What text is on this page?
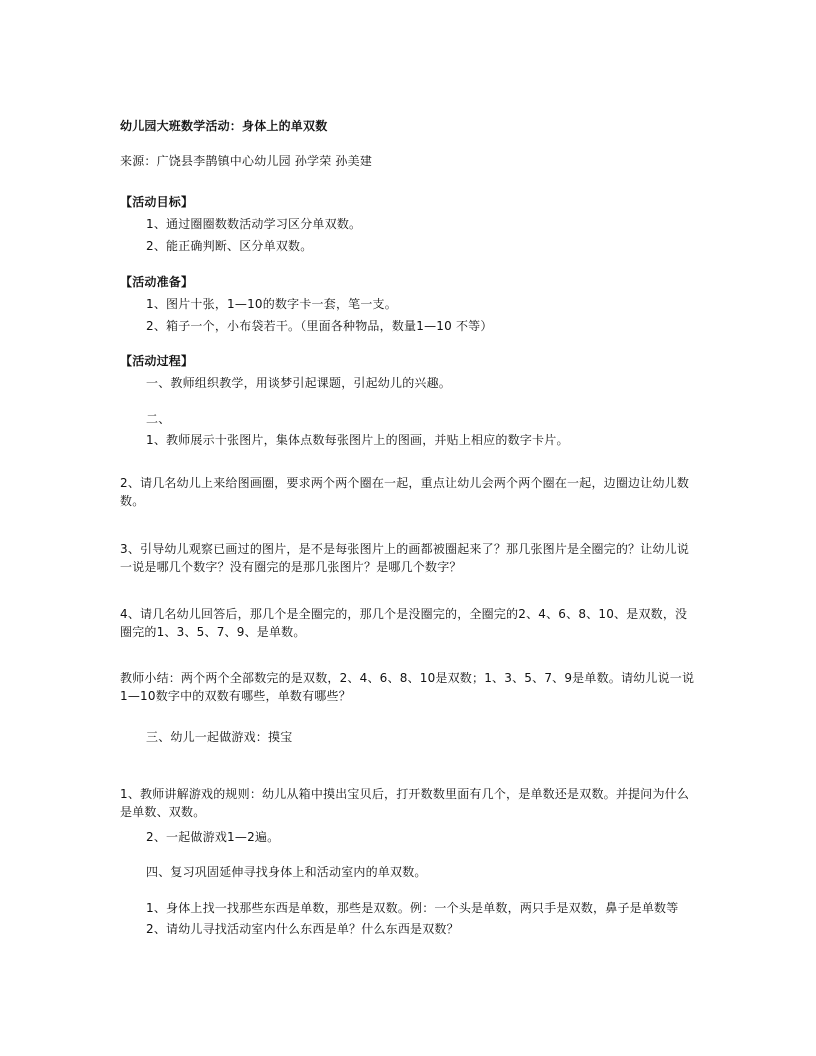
幼儿园大班数学活动：身体上的单双数
来源：广饶县李鹊镇中心幼儿园 孙学荣 孙美建
【活动目标】
1、通过圈圈数数活动学习区分单双数。
2、能正确判断、区分单双数。
【活动准备】
1、图片十张，1—10的数字卡一套，笔一支。
2、箱子一个，小布袋若干。（里面各种物品，数量1—10 不等）
【活动过程】
一、教师组织教学，用谈梦引起课题，引起幼儿的兴趣。
二、
1、教师展示十张图片，集体点数每张图片上的图画，并贴上相应的数字卡片。
2、请几名幼儿上来给图画圈，要求两个两个圈在一起，重点让幼儿会两个两个圈在一起，边圈边让幼儿数数。
3、引导幼儿观察已画过的图片，是不是每张图片上的画都被圈起来了？那几张图片是全圈完的？让幼儿说一说是哪几个数字？没有圈完的是那几张图片？是哪几个数字？
4、请几名幼儿回答后，那几个是全圈完的，那几个是没圈完的，全圈完的2、4、6、8、10、是双数，没圈完的1、3、5、7、9、是单数。
教师小结：两个两个全部数完的是双数，2、4、6、8、10是双数；1、3、5、7、9是单数。请幼儿说一说1—10数字中的双数有哪些，单数有哪些？
三、幼儿一起做游戏：摸宝
1、教师讲解游戏的规则：幼儿从箱中摸出宝贝后，打开数数里面有几个，是单数还是双数。并提问为什么是单数、双数。
2、一起做游戏1—2遍。
四、复习巩固延伸寻找身体上和活动室内的单双数。
1、身体上找一找那些东西是单数，那些是双数。例：一个头是单数，两只手是双数，鼻子是单数等
2、请幼儿寻找活动室内什么东西是单？什么东西是双数？
